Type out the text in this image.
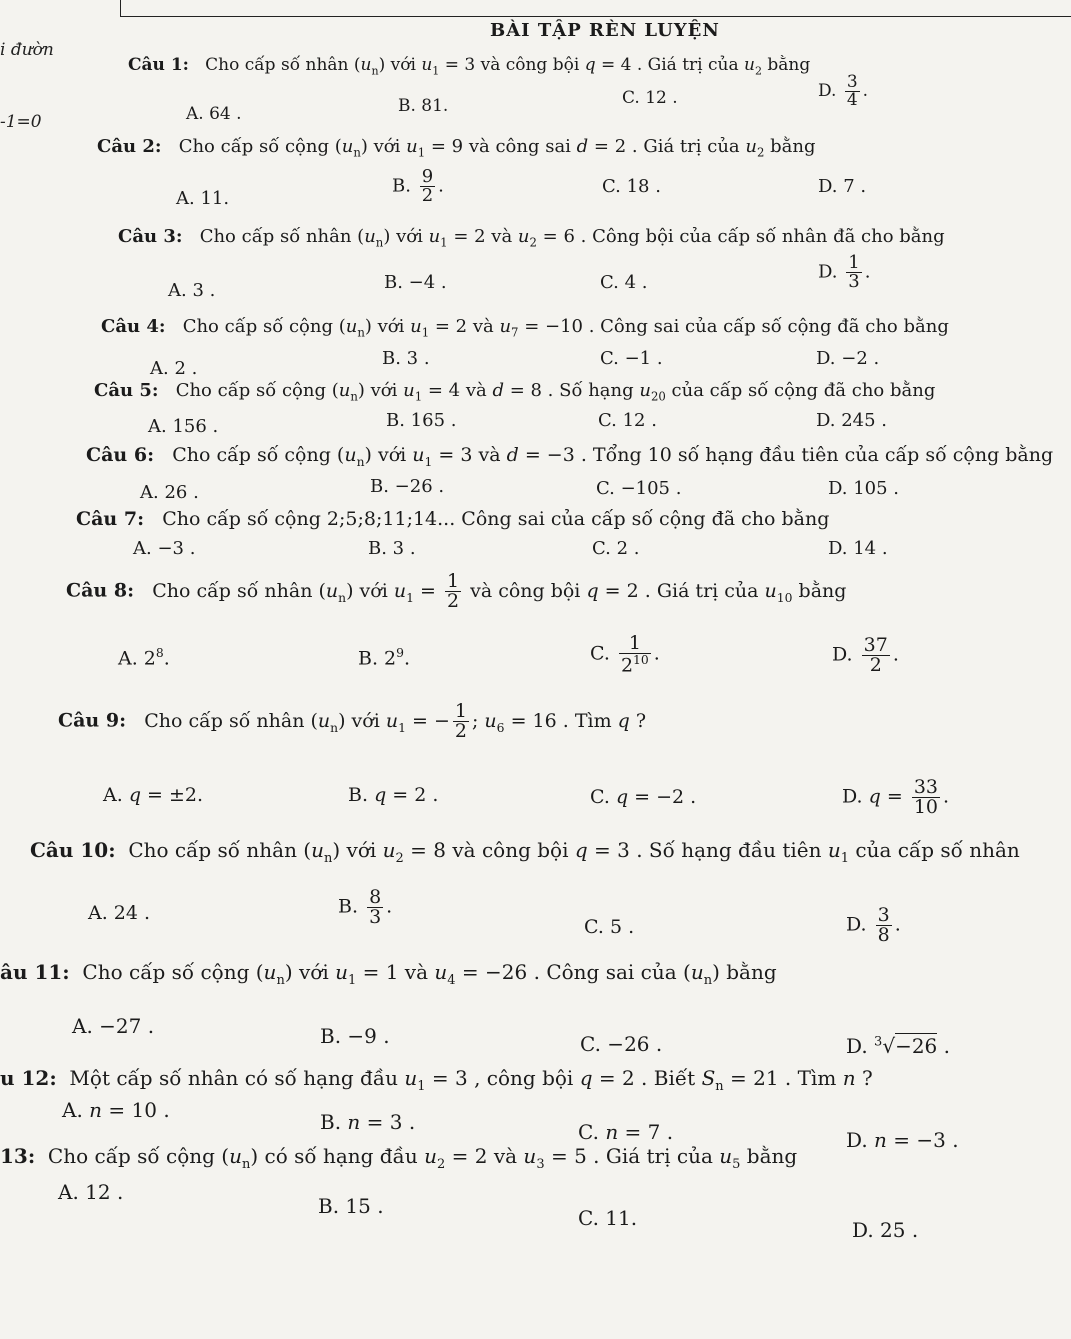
BÀI TẬP RÈN LUYỆN
i đườn
-1=0
Câu 1:   Cho cấp số nhân $(u_n)$ với $u_1 = 3$ và công bội q = 4 . Giá trị của $u_2$ bằng
A. 64 .	B. 81.	C. 12 .	D. $\frac{3}{4}$ .
Câu 2:   Cho cấp số cộng $(u_n)$ với $u_1 = 9$ và công sai d = 2 . Giá trị của $u_2$ bằng
A. 11.
B. $\frac{9}{2}$ .	C. 18 .	D. 7 .
Câu 3:   Cho cấp số nhân $(u_n)$ với $u_1 = 2$ và $u_2 = 6$ . Công bội của cấp số nhân đã cho bằng
A. 3 .	B. −4 .	C. 4 .	D. $\frac{1}{3}$ .
Câu 4:   Cho cấp số cộng $(u_n)$ với $u_1 = 2$ và $u_7 = -10$ . Công sai của cấp số cộng đã cho bằng
A. 2 .	B. 3 .	C. −1 .	D. −2 .
Câu 5:   Cho cấp số cộng $(u_n)$ với $u_1 = 4$ và d = 8 . Số hạng $u_{20}$ của cấp số cộng đã cho bằng
A. 156 .	B. 165 .	C. 12 .	D. 245 .
Câu 6:   Cho cấp số cộng $(u_n)$ với $u_1 = 3$ và d = −3 . Tổng 10 số hạng đầu tiên của cấp số cộng bằng
A. 26 .	B. −26 .	C. −105 .	D. 105 .
Câu 7: Cho cấp số cộng 2;5;8;11;14... Công sai của cấp số cộng đã cho bằng
A. −3 .	B. 3 .	C. 2 .	D. 14 .
Câu 8:   Cho cấp số nhân $(u_n)$ với $u_1 = \frac{1}{2}$ và công bội q = 2 . Giá trị của $u_{10}$ bằng
A. $2^8$.	B. $2^9$.	C. $\frac{1}{2^{10}}$ .	D. $\frac{37}{2}$ .
Câu 9:   Cho cấp số nhân $(u_n)$ với $u_1$ = − $\frac{1}{2}$ ; $u_6 = 16$ . Tìm q ?
A. q = ±2.	B. q = 2 .	C. q = −2 .	D. $q = \frac{33}{10}$ .
Câu 10:  Cho cấp số nhân $(u_n)$ với $u_2 = 8$ và công bội q = 3 . Số hạng đầu tiên $u_1$ của cấp số nhân
A. 24 .	B. $\frac{8}{3}$ .
C. 5 .	D. $\frac{3}{8}$ .
âu 11:  Cho cấp số cộng $(u_n)$ với $u_1 = 1$ và $u_4 = -26$ . Công sai của $(u_n)$ bằng
A. −27 .	B. −9 .	C. −26 .	D. $^3$√−26 .
u 12:  Một cấp số nhân có số hạng đầu $u_1 = 3$ , công bội q = 2 . Biết $S_n = 21$ . Tìm n ?
A. n = 10 .	B. n = 3 .	C. n = 7 .	D. n = −3 .
13:  Cho cấp số cộng $(u_n)$ có số hạng đầu $u_2 = 2$ và $u_3 = 5$ . Giá trị của $u_5$ bằng
A. 12 .
B. 15 .	C. 11.	D. 25 .
